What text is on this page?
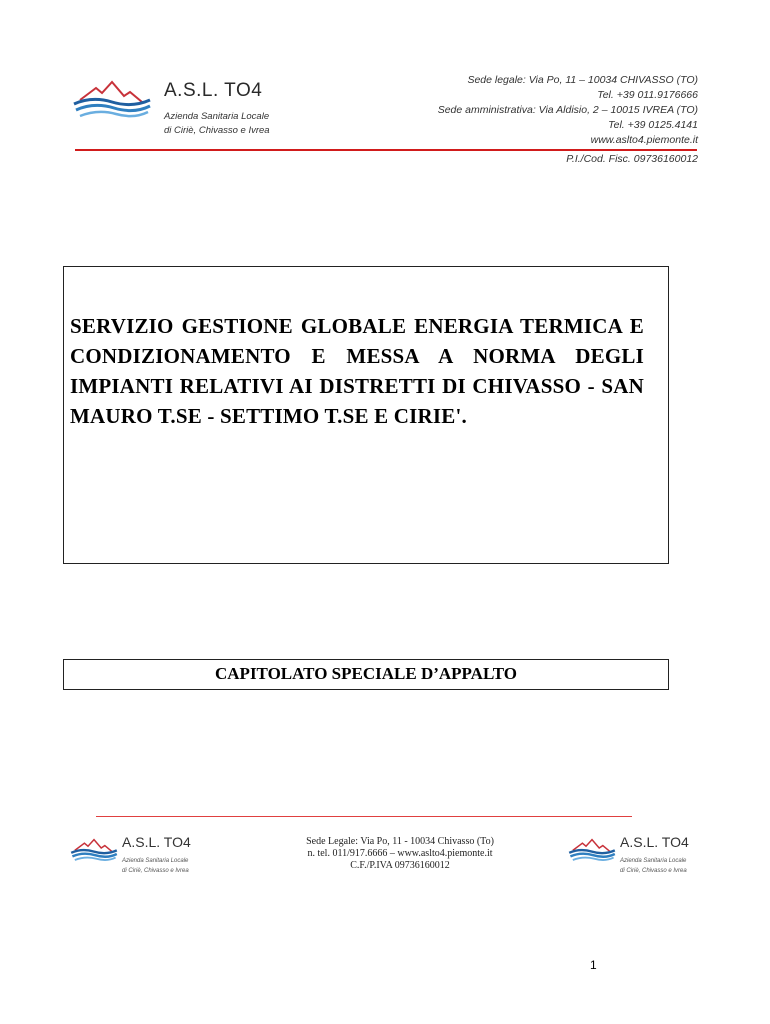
A.S.L. TO4
Azienda Sanitaria Locale
di Ciriè, Chivasso e Ivrea
Sede legale: Via Po, 11 – 10034 CHIVASSO (TO)
Tel. +39 011.9176666
Sede amministrativa: Via Aldisio, 2 – 10015 IVREA (TO)
Tel. +39 0125.4141
www.aslto4.piemonte.it
P.I./Cod. Fisc. 09736160012
SERVIZIO GESTIONE GLOBALE ENERGIA TERMICA E CONDIZIONAMENTO E MESSA A NORMA DEGLI IMPIANTI RELATIVI AI DISTRETTI DI CHIVASSO - SAN MAURO T.SE - SETTIMO T.SE E CIRIE'.
CAPITOLATO SPECIALE D’APPALTO
A.S.L. TO4
Azienda Sanitaria Locale
di Ciriè, Chivasso e Ivrea
Sede Legale: Via Po, 11 - 10034 Chivasso (To)
n. tel. 011/917.6666 – www.aslto4.piemonte.it
C.F./P.IVA 09736160012
A.S.L. TO4
Azienda Sanitaria Locale
di Ciriè, Chivasso e Ivrea
1
